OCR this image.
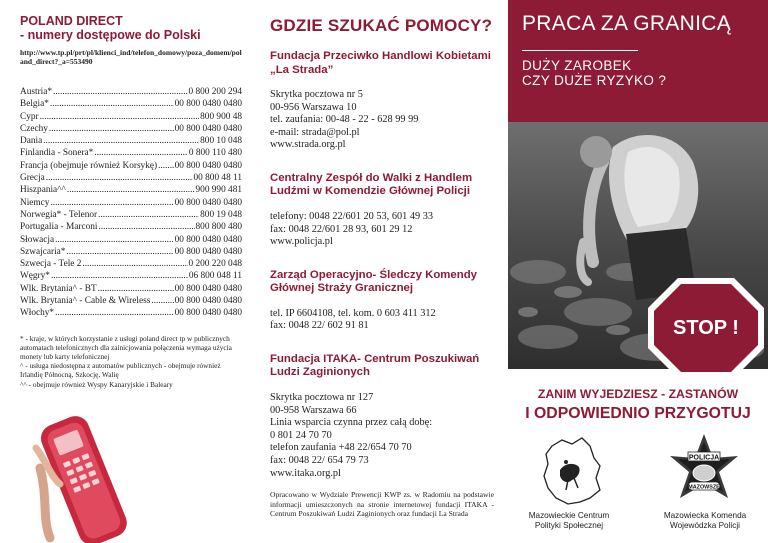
POLAND DIRECT
- numery dostępowe do Polski
http://www.tp.pl/prt/pl/klienci_ind/telefon_domowy/poza_domem/poland_direct?_a=553490
Austria* .....	0 800 200 294
Belgia* .....	00 800 0480 0480
Cypr .....	800 900 48
Czechy .....	00 800 0480 0480
Dania .....	800 10 048
Finlandia - Sonera* .....	0 800 110 480
Francja (obejmuje również Korsykę) ..... 00 800 0480 0480
Grecja .....	00 800 48 11
Hiszpania^^ .....	900 990 481
Niemcy .....	00 800 0480 0480
Norwegia* - Telenor .....	800 19 048
Portugalia - Marconi .....	800 800 480
Słowacja .....	00 800 0480 0480
Szwajcaria* .....	00 800 0480 0480
Szwecja - Tele 2 .....	0 200 220 048
Węgry* .....	06 800 048 11
Wlk. Brytania^ - BT .....	00 800 0480 0480
Wlk. Brytania^ - Cable & Wireless .....	00 800 0480 0480
Włochy* .....	00 800 0480 0480
* - kraje, w których korzystanie z usługi poland direct tp w publicznych automatach telefonicznych dla zainicjowania połączenia wymaga użycia monety lub karty telefonicznej
^ - usługa niedostępna z automatów publicznych - obejmuje również Irlandię Północną, Szkocję, Walię
^^ - obejmuje również Wyspy Kanaryjskie i Baleary
GDZIE SZUKAĆ POMOCY?
Fundacja Przeciwko Handlowi Kobietami
„La Strada”
Skrytka pocztowa nr 5
00-956 Warszawa 10
tel. zaufania: 00-48 - 22 - 628 99 99
e-mail: strada@pol.pl
www.strada.org.pl
Centralny Zespół do Walki z Handlem
Ludźmi w Komendzie Głównej Policji
telefony: 0048 22/601 20 53, 601 49 33
fax: 0048 22/601 28 93, 601 29 12
www.policja.pl
Zarząd Operacyjno- Śledczy Komendy
Głównej Straży Granicznej
tel. IP 6604108, tel. kom. 0 603 411 312
fax: 0048 22/ 602 91 81
Fundacja ITAKA- Centrum Poszukiwań
Ludzi Zaginionych
Skrytka pocztowa nr 127
00-958 Warszawa 66
Linia wsparcia czynna przez całą dobę:
0 801 24 70 70
telefon zaufania +48 22/654 70 70
fax: 0048 22/ 654 79 73
www.itaka.org.pl
Opracowano w Wydziale Prewencji KWP zs. w Radomiu na podstawie informacji umieszczonych na stronie internetowej fundacji ITAKA - Centrum Poszukiwań Ludzi Zaginionych oraz fundacji La Strada
PRACA ZA GRANICĄ
DUŻY ZAROBEK
CZY DUŻE RYZYKO ?
STOP !
ZANIM WYJEDZIESZ - ZASTANÓW
I ODPOWIEDNIO PRZYGOTUJ
POLICJA
MAZOWSZE
Mazowieckie Centrum
Polityki Społecznej
Mazowiecka Komenda
Wojewódzka Policji
